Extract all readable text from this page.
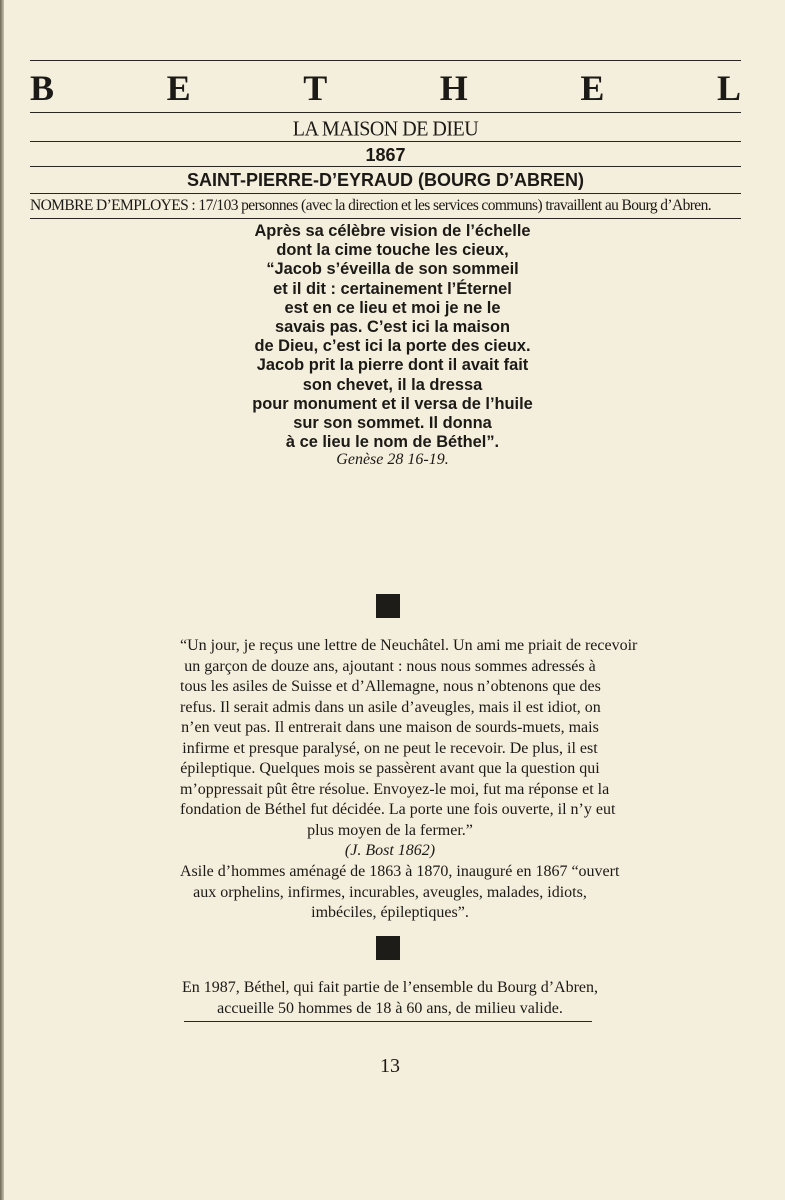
B	E	T	H	E	L
LA MAISON DE DIEU
1867
SAINT-PIERRE-D’EYRAUD (BOURG D’ABREN)
NOMBRE D’EMPLOYES : 17/103 personnes (avec la direction et les services communs) travaillent au Bourg d’Abren.
Après sa célèbre vision de l’échelle
dont la cime touche les cieux,
“Jacob s’éveilla de son sommeil
et il dit : certainement l’Éternel
est en ce lieu et moi je ne le
savais pas. C’est ici la maison
de Dieu, c’est ici la porte des cieux.
Jacob prit la pierre dont il avait fait
son chevet, il la dressa
pour monument et il versa de l’huile
sur son sommet. Il donna
à ce lieu le nom de Béthel”.
Genèse 28 16-19.
“Un jour, je reçus une lettre de Neuchâtel. Un ami me priait de recevoir
un garçon de douze ans, ajoutant : nous nous sommes adressés à
tous les asiles de Suisse et d’Allemagne, nous n’obtenons que des
refus. Il serait admis dans un asile d’aveugles, mais il est idiot, on
n’en veut pas. Il entrerait dans une maison de sourds-muets, mais
infirme et presque paralysé, on ne peut le recevoir. De plus, il est
épileptique. Quelques mois se passèrent avant que la question qui
m’oppressait pût être résolue. Envoyez-le moi, fut ma réponse et la
fondation de Béthel fut décidée. La porte une fois ouverte, il n’y eut
plus moyen de la fermer.”
(J. Bost 1862)
Asile d’hommes aménagé de 1863 à 1870, inauguré en 1867 “ouvert
aux orphelins, infirmes, incurables, aveugles, malades, idiots,
imbéciles, épileptiques”.
En 1987, Béthel, qui fait partie de l’ensemble du Bourg d’Abren,
accueille 50 hommes de 18 à 60 ans, de milieu valide.
13
